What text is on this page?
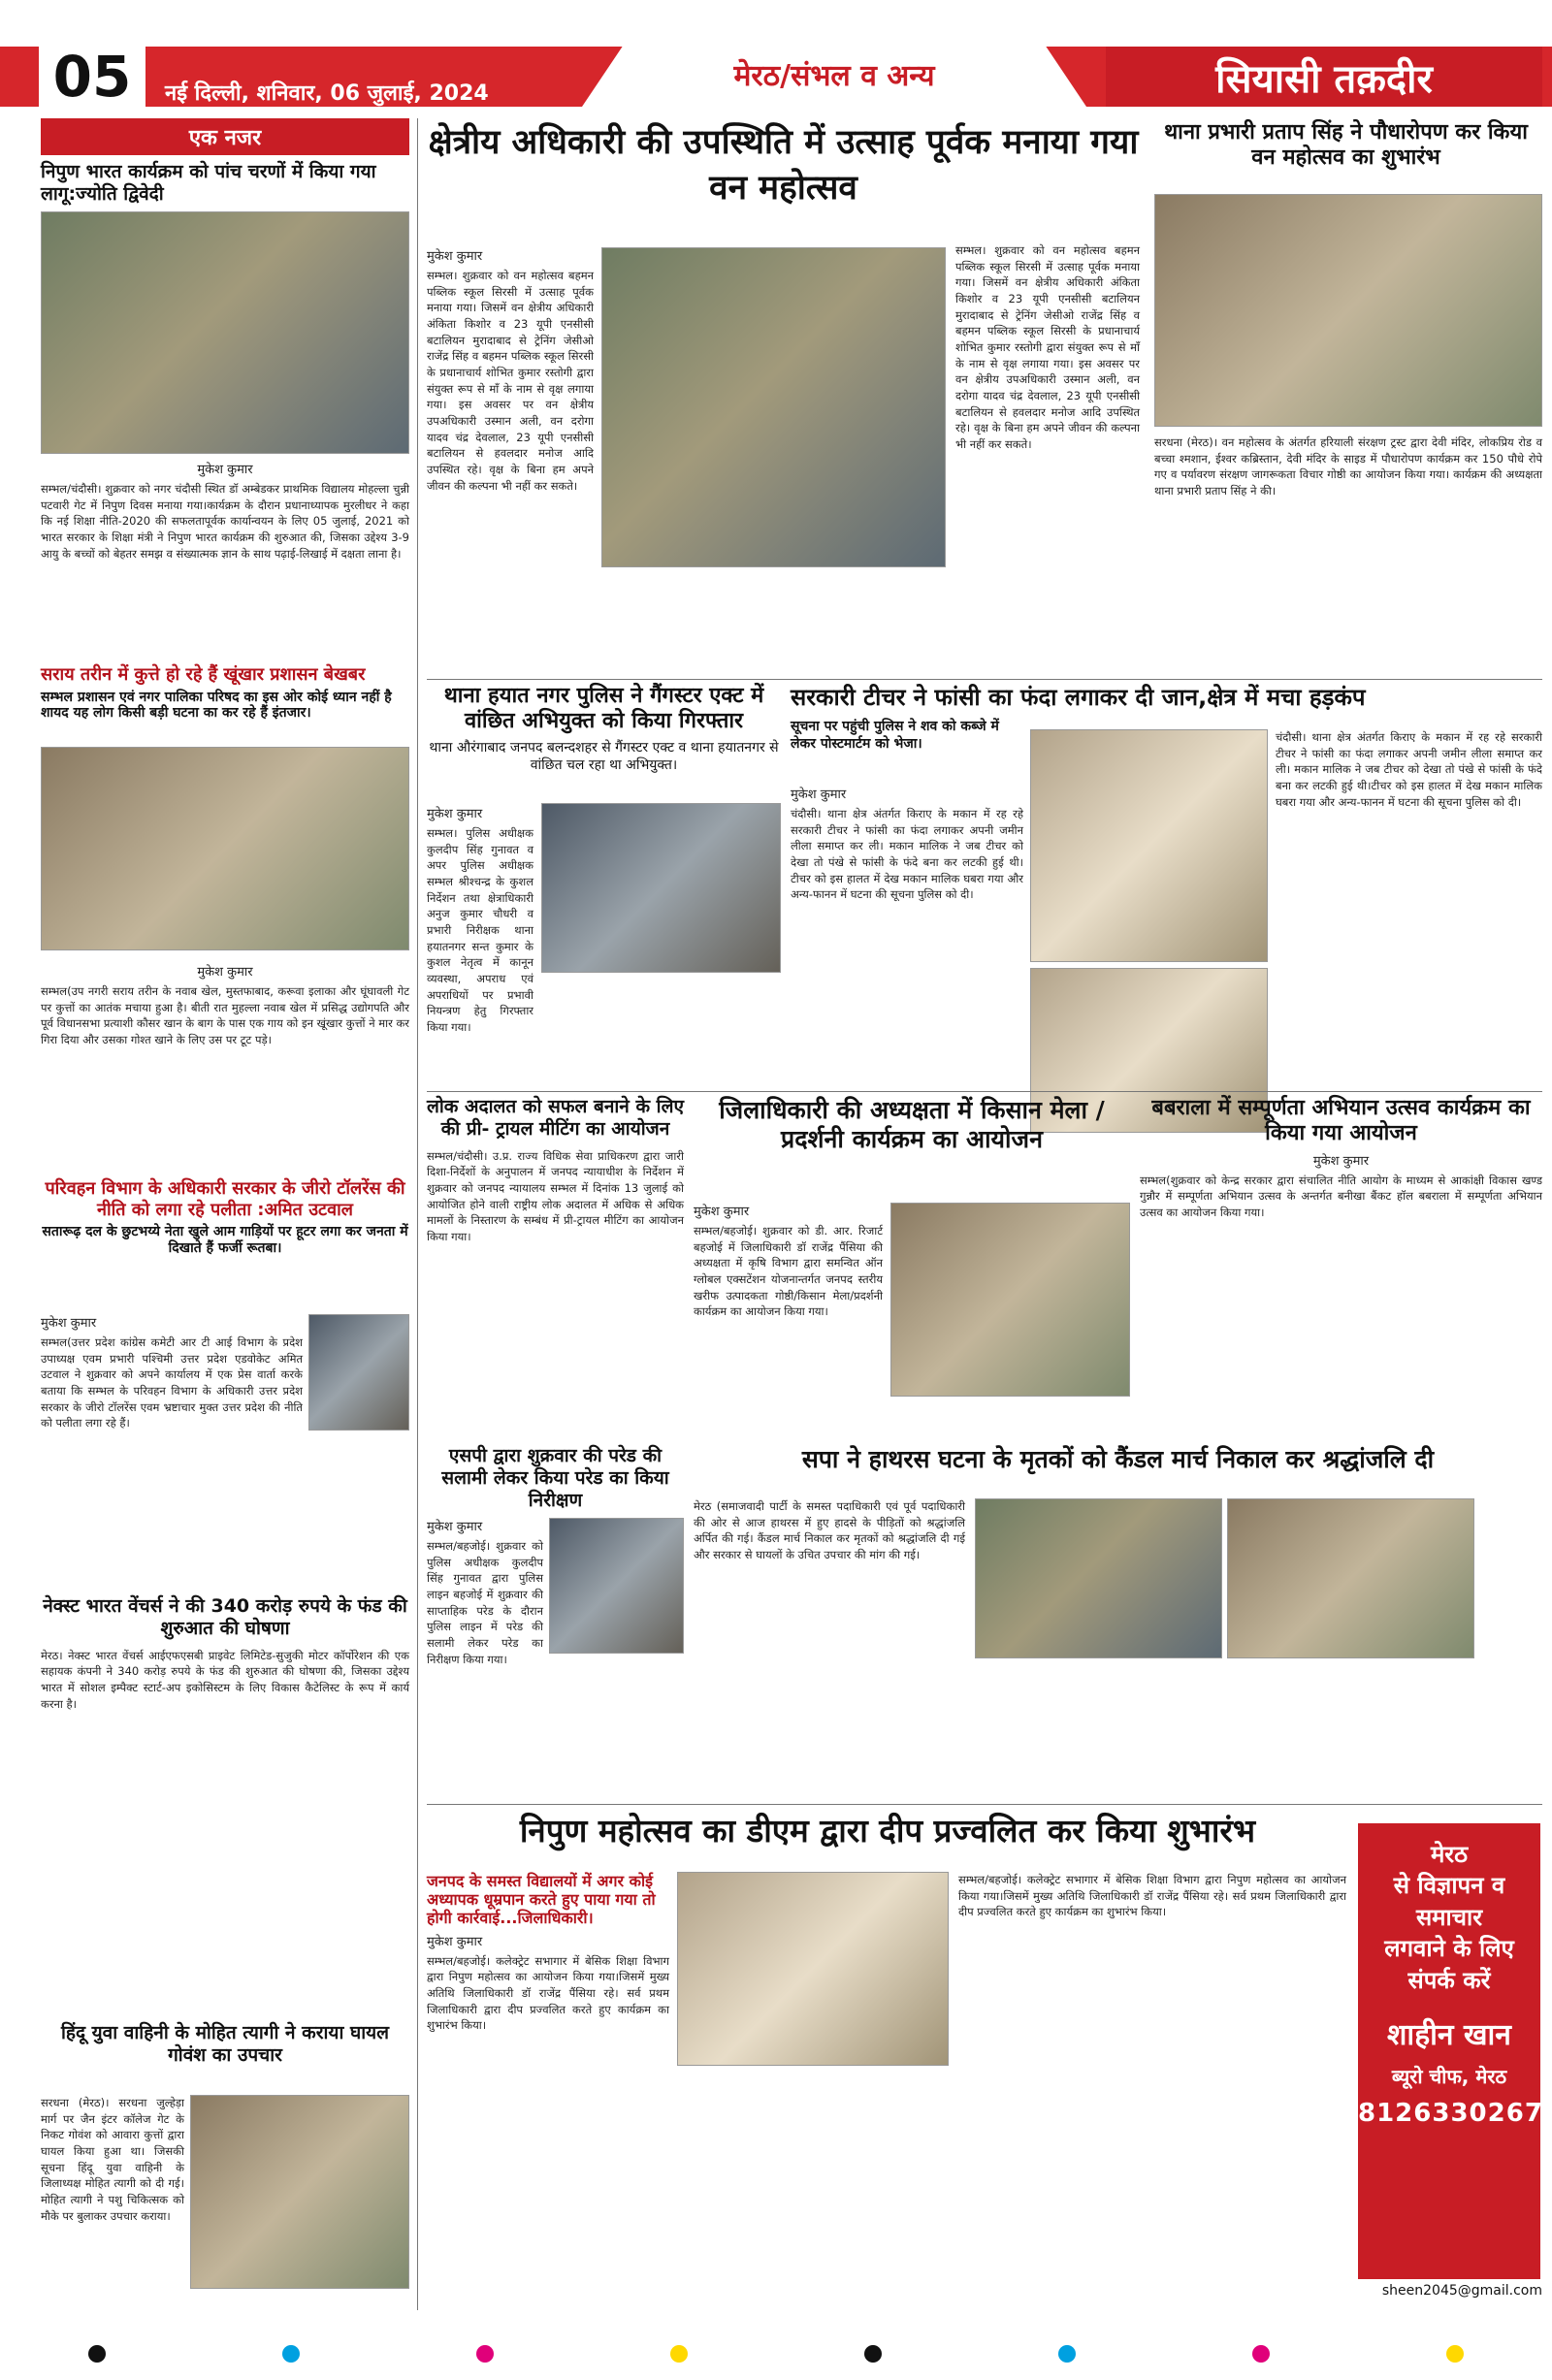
05	नई दिल्ली, शनिवार, 06 जुलाई, 2024
मेरठ/संभल व अन्य	सियासी तक़दीर
एक नजर
निपुण भारत कार्यक्रम को पांच चरणों में किया गया लागू:ज्योति द्विवेदी
मुकेश कुमार
सम्भल/चंदौसी। शुक्रवार को नगर चंदौसी स्थित डॉ अम्बेडकर प्राथमिक विद्यालय मोहल्ला चुन्नी पटवारी गेट में निपुण दिवस मनाया गया।कार्यक्रम के दौरान प्रधानाध्यापक मुरलीधर ने कहा कि नई शिक्षा नीति-2020 की सफलतापूर्वक कार्यान्वयन के लिए 05 जुलाई, 2021 को भारत सरकार के शिक्षा मंत्री ने निपुण भारत कार्यक्रम की शुरुआत की, जिसका उद्देश्य 3-9 आयु के बच्चों को बेहतर समझ व संख्यात्मक ज्ञान के साथ पढ़ाई-लिखाई में दक्षता लाना है।
सराय तरीन में कुत्ते हो रहे हैं खूंखार प्रशासन बेखबर
सम्भल प्रशासन एवं नगर पालिका परिषद का इस ओर कोई ध्यान नहीं है शायद यह लोग किसी बड़ी घटना का कर रहे हैं इंतजार।
मुकेश कुमार
सम्भल(उप नगरी सराय तरीन के नवाब खेल, मुस्तफाबाद, करूवा इलाका और घूंघावली गेट पर कुत्तों का आतंक मचाया हुआ है। बीती रात मुहल्ला नवाब खेल में प्रसिद्ध उद्योगपति और पूर्व विधानसभा प्रत्याशी कौसर खान के बाग के पास एक गाय को इन खूंखार कुत्तों ने मार कर गिरा दिया और उसका गोश्त खाने के लिए उस पर टूट पड़े।
परिवहन विभाग के अधिकारी सरकार के जीरो टॉलरेंस की नीति को लगा रहे पलीता :अमित उटवाल
सतारूढ़ दल के छुटभय्ये नेता खुले आम गाड़ियों पर हूटर लगा कर जनता में दिखाते हैं फर्जी रूतबा।
मुकेश कुमार
सम्भल(उत्तर प्रदेश कांग्रेस कमेटी आर टी आई विभाग के प्रदेश उपाध्यक्ष एवम प्रभारी पश्चिमी उत्तर प्रदेश एडवोकेट अमित उटवाल ने शुक्रवार को अपने कार्यालय में एक प्रेस वार्ता करके बताया कि सम्भल के परिवहन विभाग के अधिकारी उत्तर प्रदेश सरकार के जीरो टॉलरेंस एवम भ्रष्टाचार मुक्त उत्तर प्रदेश की नीति को पलीता लगा रहे हैं।
नेक्स्ट भारत वेंचर्स ने की 340 करोड़ रुपये के फंड की शुरुआत की घोषणा
मेरठ। नेक्स्ट भारत वेंचर्स आईएफएसबी प्राइवेट लिमिटेड-सुजुकी मोटर कॉर्पोरेशन की एक सहायक कंपनी ने 340 करोड़ रुपये के फंड की शुरुआत की घोषणा की, जिसका उद्देश्य भारत में सोशल इम्पैक्ट स्टार्ट-अप इकोसिस्टम के लिए विकास कैटेलिस्ट के रूप में कार्य करना है।
हिंदू युवा वाहिनी के मोहित त्यागी ने कराया घायल गोवंश का उपचार
सरधना (मेरठ)। सरधना जुल्हेड़ा मार्ग पर जैन इंटर कॉलेज गेट के निकट गोवंश को आवारा कुत्तों द्वारा घायल किया हुआ था। जिसकी सूचना हिंदू युवा वाहिनी के जिलाध्यक्ष मोहित त्यागी को दी गई। मोहित त्यागी ने पशु चिकित्सक को मौके पर बुलाकर उपचार कराया।
क्षेत्रीय अधिकारी की उपस्थिति में उत्साह पूर्वक मनाया गया वन महोत्सव
मुकेश कुमार
सम्भल। शुक्रवार को वन महोत्सव बहमन पब्लिक स्कूल सिरसी में उत्साह पूर्वक मनाया गया। जिसमें वन क्षेत्रीय अधिकारी अंकिता किशोर व 23 यूपी एनसीसी बटालियन मुरादाबाद से ट्रेनिंग जेसीओ राजेंद्र सिंह व बहमन पब्लिक स्कूल सिरसी के प्रधानाचार्य शोभित कुमार रस्तोगी द्वारा संयुक्त रूप से माँ के नाम से वृक्ष लगाया गया। इस अवसर पर वन क्षेत्रीय उपअधिकारी उस्मान अली, वन दरोगा यादव चंद्र देवलाल, 23 यूपी एनसीसी बटालियन से हवलदार मनोज आदि उपस्थित रहे। वृक्ष के बिना हम अपने जीवन की कल्पना भी नहीं कर सकते।
सम्भल। शुक्रवार को वन महोत्सव बहमन पब्लिक स्कूल सिरसी में उत्साह पूर्वक मनाया गया। जिसमें वन क्षेत्रीय अधिकारी अंकिता किशोर व 23 यूपी एनसीसी बटालियन मुरादाबाद से ट्रेनिंग जेसीओ राजेंद्र सिंह व बहमन पब्लिक स्कूल सिरसी के प्रधानाचार्य शोभित कुमार रस्तोगी द्वारा संयुक्त रूप से माँ के नाम से वृक्ष लगाया गया। इस अवसर पर वन क्षेत्रीय उपअधिकारी उस्मान अली, वन दरोगा यादव चंद्र देवलाल, 23 यूपी एनसीसी बटालियन से हवलदार मनोज आदि उपस्थित रहे। वृक्ष के बिना हम अपने जीवन की कल्पना भी नहीं कर सकते।
थाना प्रभारी प्रताप सिंह ने पौधारोपण कर किया वन महोत्सव का शुभारंभ
सरधना (मेरठ)। वन महोत्सव के अंतर्गत हरियाली संरक्षण ट्रस्ट द्वारा देवी मंदिर, लोकप्रिय रोड व बच्चा श्मशान, ईश्वर कब्रिस्तान, देवी मंदिर के साइड में पौधारोपण कार्यक्रम कर 150 पौधे रोपे गए व पर्यावरण संरक्षण जागरूकता विचार गोष्ठी का आयोजन किया गया। कार्यक्रम की अध्यक्षता थाना प्रभारी प्रताप सिंह ने की।
थाना हयात नगर पुलिस ने गैंगस्टर एक्ट में वांछित अभियुक्त को किया गिरफ्तार
थाना औरंगाबाद जनपद बलन्दशहर से गैंगस्टर एक्ट व थाना हयातनगर से वांछित चल रहा था अभियुक्त।
मुकेश कुमार
सम्भल। पुलिस अधीक्षक कुलदीप सिंह गुनावत व अपर पुलिस अधीक्षक सम्भल श्रीश्चन्द्र के कुशल निर्देशन तथा क्षेत्राधिकारी अनुज कुमार चौधरी व प्रभारी निरीक्षक थाना हयातनगर सन्त कुमार के कुशल नेतृत्व में कानून व्यवस्था, अपराध एवं अपराधियों पर प्रभावी नियन्त्रण हेतु गिरफ्तार किया गया।
सरकारी टीचर ने फांसी का फंदा लगाकर दी जान,क्षेत्र में मचा हड़कंप
सूचना पर पहुंची पुलिस ने शव को कब्जे में लेकर पोस्टमार्टम को भेजा।
मुकेश कुमार
चंदौसी। थाना क्षेत्र अंतर्गत किराए के मकान में रह रहे सरकारी टीचर ने फांसी का फंदा लगाकर अपनी जमीन लीला समाप्त कर ली। मकान मालिक ने जब टीचर को देखा तो पंखे से फांसी के फंदे बना कर लटकी हुई थी।टीचर को इस हालत में देख मकान मालिक घबरा गया और अन्य-फानन में घटना की सूचना पुलिस को दी।
चंदौसी। थाना क्षेत्र अंतर्गत किराए के मकान में रह रहे सरकारी टीचर ने फांसी का फंदा लगाकर अपनी जमीन लीला समाप्त कर ली। मकान मालिक ने जब टीचर को देखा तो पंखे से फांसी के फंदे बना कर लटकी हुई थी।टीचर को इस हालत में देख मकान मालिक घबरा गया और अन्य-फानन में घटना की सूचना पुलिस को दी।
लोक अदालत को सफल बनाने के लिए की प्री- ट्रायल मीटिंग का आयोजन
सम्भल/चंदौसी। उ.प्र. राज्य विधिक सेवा प्राधिकरण द्वारा जारी दिशा-निर्देशों के अनुपालन में जनपद न्यायाधीश के निर्देशन में शुक्रवार को जनपद न्यायालय सम्भल में दिनांक 13 जुलाई को आयोजित होने वाली राष्ट्रीय लोक अदालत में अधिक से अधिक मामलों के निस्तारण के सम्बंध में प्री-ट्रायल मीटिंग का आयोजन किया गया।
जिलाधिकारी की अध्यक्षता में किसान मेला /प्रदर्शनी कार्यक्रम का आयोजन
मुकेश कुमार
सम्भल/बहजोई। शुक्रवार को डी. आर. रिजार्ट बहजोई में जिलाधिकारी डॉ राजेंद्र पैंसिया की अध्यक्षता में कृषि विभाग द्वारा समन्वित ऑन ग्लोबल एक्सटेंशन योजनान्तर्गत जनपद स्तरीय खरीफ उत्पादकता गोष्ठी/किसान मेला/प्रदर्शनी कार्यक्रम का आयोजन किया गया।
बबराला में सम्पूर्णता अभियान उत्सव कार्यक्रम का किया गया आयोजन
मुकेश कुमार
सम्भल(शुक्रवार को केन्द्र सरकार द्वारा संचालित नीति आयोग के माध्यम से आकांक्षी विकास खण्ड गुन्नौर में सम्पूर्णता अभियान उत्सव के अन्तर्गत बनीखा बैंकट हॉल बबराला में सम्पूर्णता अभियान उत्सव का आयोजन किया गया।
एसपी द्वारा शुक्रवार की परेड की सलामी लेकर किया परेड का किया निरीक्षण
मुकेश कुमार
सम्भल/बहजोई। शुक्रवार को पुलिस अधीक्षक कुलदीप सिंह गुनावत द्वारा पुलिस लाइन बहजोई में शुक्रवार की साप्ताहिक परेड के दौरान पुलिस लाइन में परेड की सलामी लेकर परेड का निरीक्षण किया गया।
सपा ने हाथरस घटना के मृतकों को कैंडल मार्च निकाल कर श्रद्धांजलि दी
मेरठ (समाजवादी पार्टी के समस्त पदाधिकारी एवं पूर्व पदाधिकारी की ओर से आज हाथरस में हुए हादसे के पीड़ितों को श्रद्धांजलि अर्पित की गई। कैंडल मार्च निकाल कर मृतकों को श्रद्धांजलि दी गई और सरकार से घायलों के उचित उपचार की मांग की गई।
निपुण महोत्सव का डीएम द्वारा दीप प्रज्वलित कर किया शुभारंभ
जनपद के समस्त विद्यालयों में अगर कोई अध्यापक धूम्रपान करते हुए पाया गया तो होगी कार्रवाई...जिलाधिकारी।
मुकेश कुमार
सम्भल/बहजोई। कलेक्ट्रेट सभागार में बेसिक शिक्षा विभाग द्वारा निपुण महोत्सव का आयोजन किया गया।जिसमें मुख्य अतिथि जिलाधिकारी डॉ राजेंद्र पैंसिया रहे। सर्व प्रथम जिलाधिकारी द्वारा दीप प्रज्वलित करते हुए कार्यक्रम का शुभारंभ किया।
सम्भल/बहजोई। कलेक्ट्रेट सभागार में बेसिक शिक्षा विभाग द्वारा निपुण महोत्सव का आयोजन किया गया।जिसमें मुख्य अतिथि जिलाधिकारी डॉ राजेंद्र पैंसिया रहे। सर्व प्रथम जिलाधिकारी द्वारा दीप प्रज्वलित करते हुए कार्यक्रम का शुभारंभ किया।
मेरठ
से विज्ञापन व
समाचार
लगवाने के लिए
संपर्क करें
शाहीन खान
ब्यूरो चीफ, मेरठ
8126330267
sheen2045@gmail.com
